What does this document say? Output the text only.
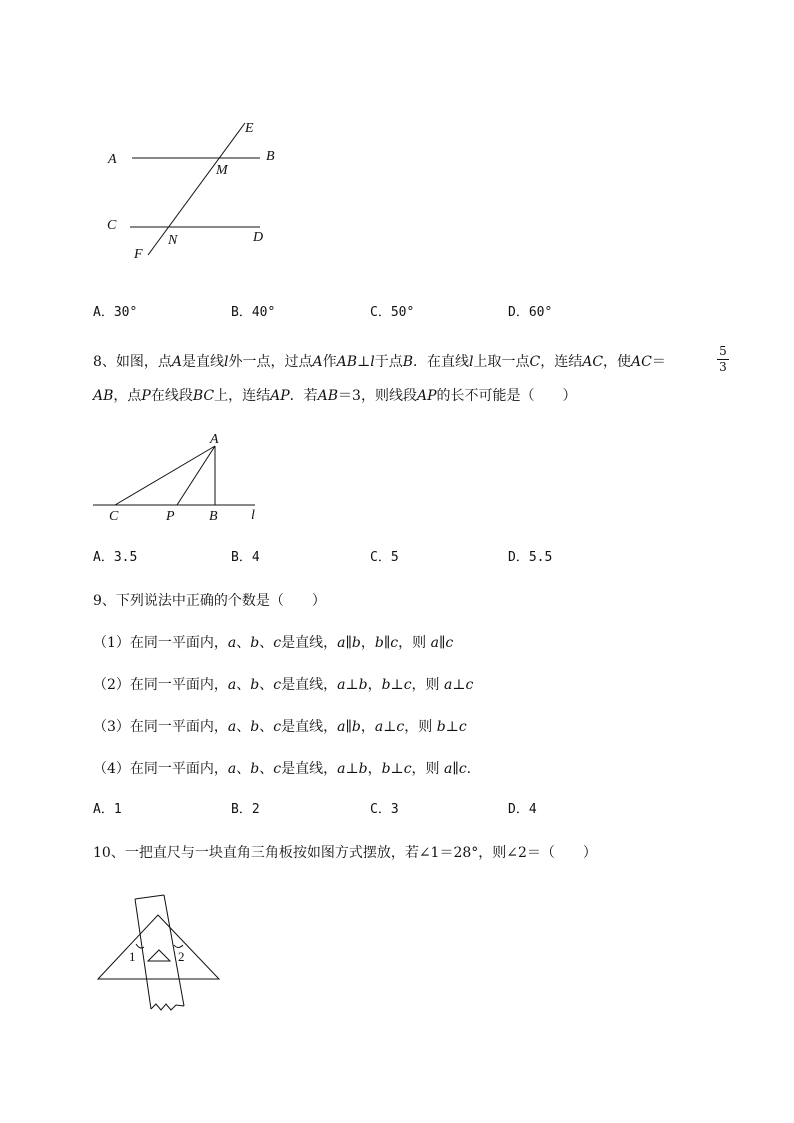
E
A	B
M
C
N	D
F
A．30°	B．40°	C．50°	D．60°
8、如图，点A是直线l外一点，过点A作AB⊥l于点B．在直线l上取一点C，连结AC，使AC＝
5
3
AB，点P在线段BC上，连结AP．若AB＝3，则线段AP的长不可能是（　　）
A
C	P B l
A．3.5	B．4	C．5	D．5.5
9、下列说法中正确的个数是（　　）
（1）在同一平面内，a、b、c是直线，a∥b，b∥c，则 a∥c
（2）在同一平面内，a、b、c是直线，a⊥b，b⊥c，则 a⊥c
（3）在同一平面内，a、b、c是直线，a∥b，a⊥c，则 b⊥c
（4）在同一平面内，a、b、c是直线，a⊥b，b⊥c，则 a∥c.
A．1	B．2	C．3	D．4
10、一把直尺与一块直角三角板按如图方式摆放，若∠1＝28°，则∠2＝（　　）
1	2
